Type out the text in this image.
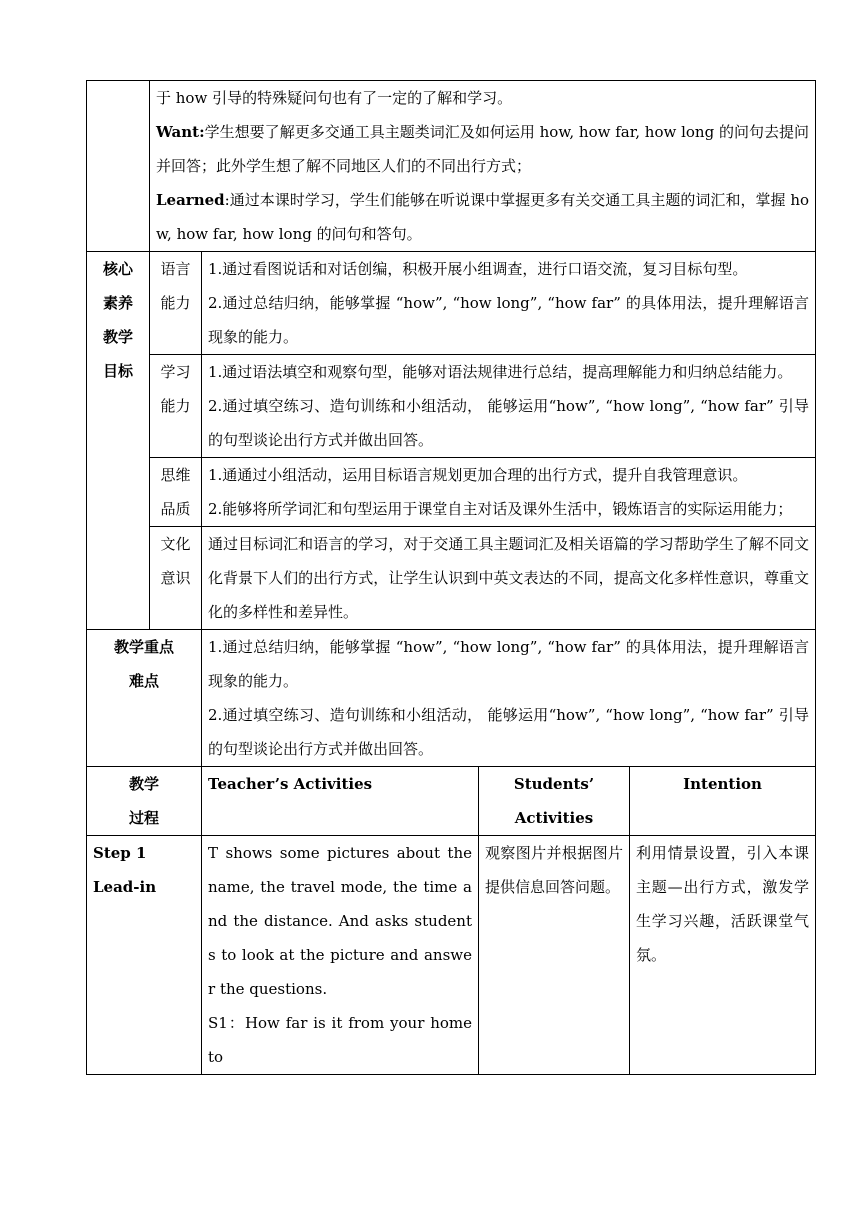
	于 how 引导的特殊疑问句也有了一定的了解和学习。
Want:学生想要了解更多交通工具主题类词汇及如何运用 how, how far, how long 的问句去提问并回答；此外学生想了解不同地区人们的不同出行方式；
Learned:通过本课时学习，学生们能够在听说课中掌握更多有关交通工具主题的词汇和，掌握 how, how far, how long 的问句和答句。			

核心
素养
教学
目标	语言
能力	1.通过看图说话和对话创编，积极开展小组调查，进行口语交流，复习目标句型。
2.通过总结归纳，能够掌握 “how”, “how long”, “how far” 的具体用法，提升理解语言现象的能力。		

	学习
能力	1.通过语法填空和观察句型，能够对语法规律进行总结，提高理解能力和归纳总结能力。
2.通过填空练习、造句训练和小组活动， 能够运用“how”, “how long”, “how far” 引导的句型谈论出行方式并做出回答。		

	思维
品质	1.通通过小组活动，运用目标语言规划更加合理的出行方式，提升自我管理意识。
2.能够将所学词汇和句型运用于课堂自主对话及课外生活中，锻炼语言的实际运用能力；		

	文化
意识	通过目标词汇和语言的学习，对于交通工具主题词汇及相关语篇的学习帮助学生了解不同文化背景下人们的出行方式，让学生认识到中英文表达的不同，提高文化多样性意识，尊重文化的多样性和差异性。		

教学重点
难点		1.通过总结归纳，能够掌握 “how”, “how long”, “how far” 的具体用法，提升理解语言现象的能力。
2.通过填空练习、造句训练和小组活动， 能够运用“how”, “how long”, “how far” 引导的句型谈论出行方式并做出回答。		

教学
过程		Teacher’s Activities	Students’
Activities	Intention

Step 1
Lead-in		T shows some pictures about the name, the travel mode, the time and the distance. And asks students to look at the picture and answer the questions.
S1：How far is it from your home to	观察图片并根据图片提供信息回答问题。	利用情景设置，引入本课主题—出行方式，激发学生学习兴趣，活跃课堂气氛。
